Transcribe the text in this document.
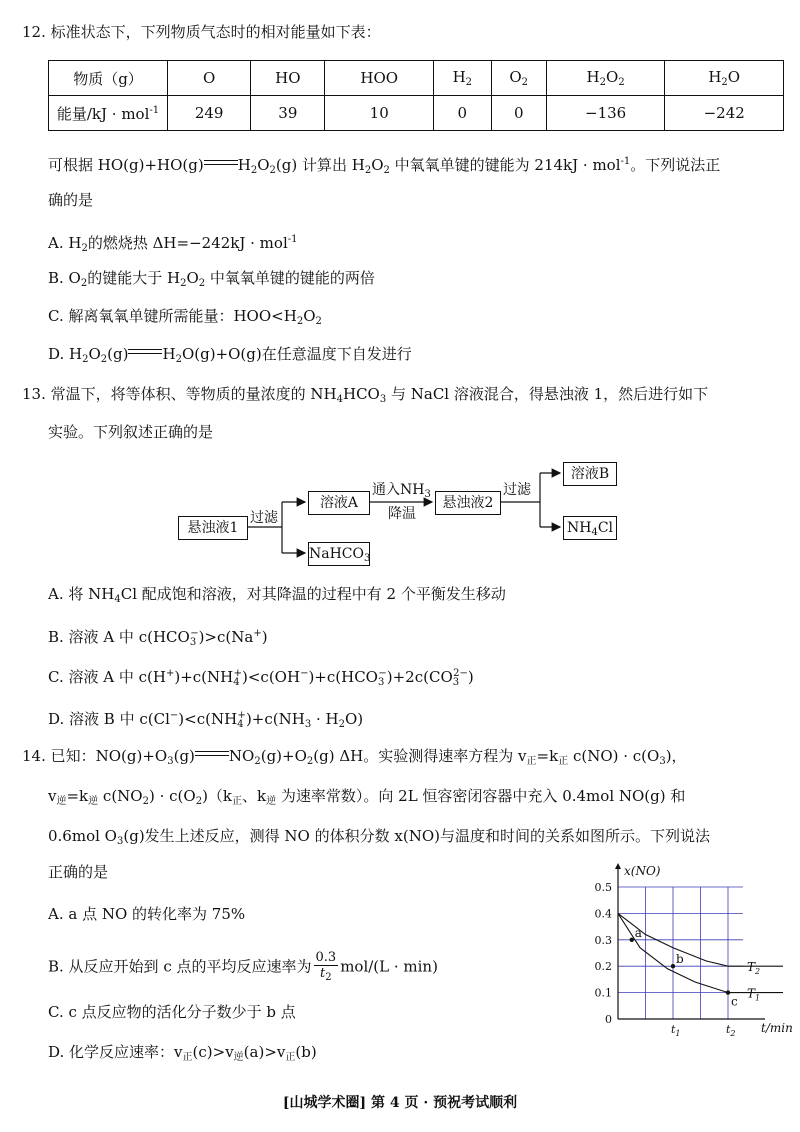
12. 标准状态下，下列物质气态时的相对能量如下表：
物质（g）	O	HO	HOO	$H_2$	$O_2$	$H_2O_2$	$H_2O$
能量/kJ · mol$^{-1}$	249	39	10	0	0	−136	−242
可根据 HO(g)+HO(g) $H_2O_2(g)$ 计算出 $H_2O_2$ 中氧氧单键的键能为 214kJ · mol$^{-1}$。下列说法正
确的是
A. $H_2$的燃烧热 ΔH=−242kJ · mol$^{-1}$
B. $O_2$的键能大于 $H_2O_2$ 中氧氧单键的键能的两倍
C. 解离氧氧单键所需能量：$HOO<H_2O_2$
D. $H_2O_2(g)$ $H_2O(g)+O(g)$在任意温度下自发进行
13. 常温下，将等体积、等物质的量浓度的 $NH_4HCO_3$ 与 NaCl 溶液混合，得悬浊液 1，然后进行如下
实验。下列叙述正确的是
悬浊液1
过滤
溶液A
NaHCO$_3$
通入$NH_3$
降温
悬浊液2
过滤
溶液B
$NH_4Cl$
A. 将 $NH_4Cl$ 配成饱和溶液，对其降温的过程中有 2 个平衡发生移动
B. 溶液 A 中 $c(HCO_3^-)>c(Na^+)$
C. 溶液 A 中 $c(H^+)+c(NH_4^+)<c(OH^-)+c(HCO_3^-)+2c(CO_3^{2-})$
D. 溶液 B 中 $c(Cl^-)<c(NH_4^+)+c(NH_3 \cdot H_2O)$
14. 已知：$NO(g)+O_3(g)$ $NO_2(g)+O_2(g)$ ΔH。实验测得速率方程为 $v_正=k_正$ $c(NO) \cdot c(O_3)$，
$v_逆=k_逆$ $c(NO_2) \cdot c(O_2)(k_正$、$k_逆$ 为速率常数）。向 2L 恒容密闭容器中充入 0.4mol NO(g) 和
0.6mol $O_3(g)$发生上述反应，测得 NO 的体积分数 x(NO)与温度和时间的关系如图所示。下列说法
正确的是
A. a 点 NO 的转化率为 75%
B. 从反应开始到 c 点的平均反应速率为 $\frac{0.3}{t_2} mol/(L \cdot \min)$
C. c 点反应物的活化分子数少于 b 点
D. 化学反应速率：$v_正(c)>v_逆(a)>v_正(b)$
0
0.1
0.2
0.3
0.4
0.5
x(NO)
t/min
$t_1$	$t_2$
$T_2$
$T_1$
a
b
c
[山城学术圈] 第 4 页 · 预祝考试顺利
